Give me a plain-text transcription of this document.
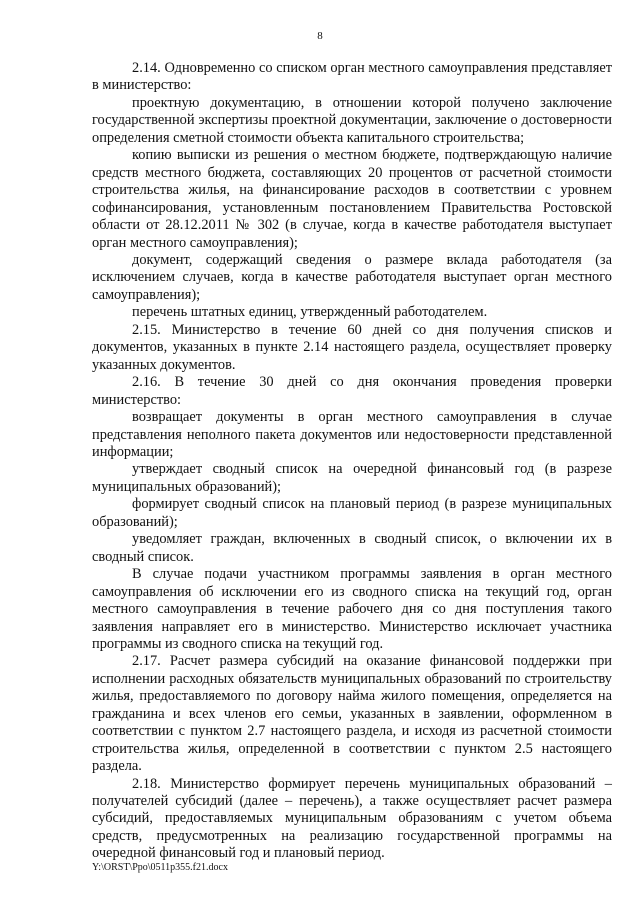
8

2.14. Одновременно со списком орган местного самоуправления представляет в министерство:

проектную документацию, в отношении которой получено заключение государственной экспертизы проектной документации, заключение о достоверности определения сметной стоимости объекта капитального строительства;

копию выписки из решения о местном бюджете, подтверждающую наличие средств местного бюджета, составляющих 20 процентов от расчетной стоимости строительства жилья, на финансирование расходов в соответствии с уровнем софинансирования, установленным постановлением Правительства Ростовской области от 28.12.2011 № 302 (в случае, когда в качестве работодателя выступает орган местного самоуправления);

документ, содержащий сведения о размере вклада работодателя (за исключением случаев, когда в качестве работодателя выступает орган местного самоуправления);

перечень штатных единиц, утвержденный работодателем.

2.15. Министерство в течение 60 дней со дня получения списков и документов, указанных в пункте 2.14 настоящего раздела, осуществляет проверку указанных документов.

2.16. В течение 30 дней со дня окончания проведения проверки министерство:

возвращает документы в орган местного самоуправления в случае представления неполного пакета документов или недостоверности представленной информации;

утверждает сводный список на очередной финансовый год (в разрезе муниципальных образований);

формирует сводный список на плановый период (в разрезе муниципальных образований);

уведомляет граждан, включенных в сводный список, о включении их в сводный список.

В случае подачи участником программы заявления в орган местного самоуправления об исключении его из сводного списка на текущий год, орган местного самоуправления в течение рабочего дня со дня поступления такого заявления направляет его в министерство. Министерство исключает участника программы из сводного списка на текущий год.

2.17. Расчет размера субсидий на оказание финансовой поддержки при исполнении расходных обязательств муниципальных образований по строительству жилья, предоставляемого по договору найма жилого помещения, определяется на гражданина и всех членов его семьи, указанных в заявлении, оформленном в соответствии с пунктом 2.7 настоящего раздела, и исходя из расчетной стоимости строительства жилья, определенной в соответствии с пунктом 2.5 настоящего раздела.

2.18. Министерство формирует перечень муниципальных образований – получателей субсидий (далее – перечень), а также осуществляет расчет размера субсидий, предоставляемых муниципальным образованиям с учетом объема средств, предусмотренных на реализацию государственной программы на очередной финансовый год и плановый период.

Y:\ORST\Ppo\0511p355.f21.docx
